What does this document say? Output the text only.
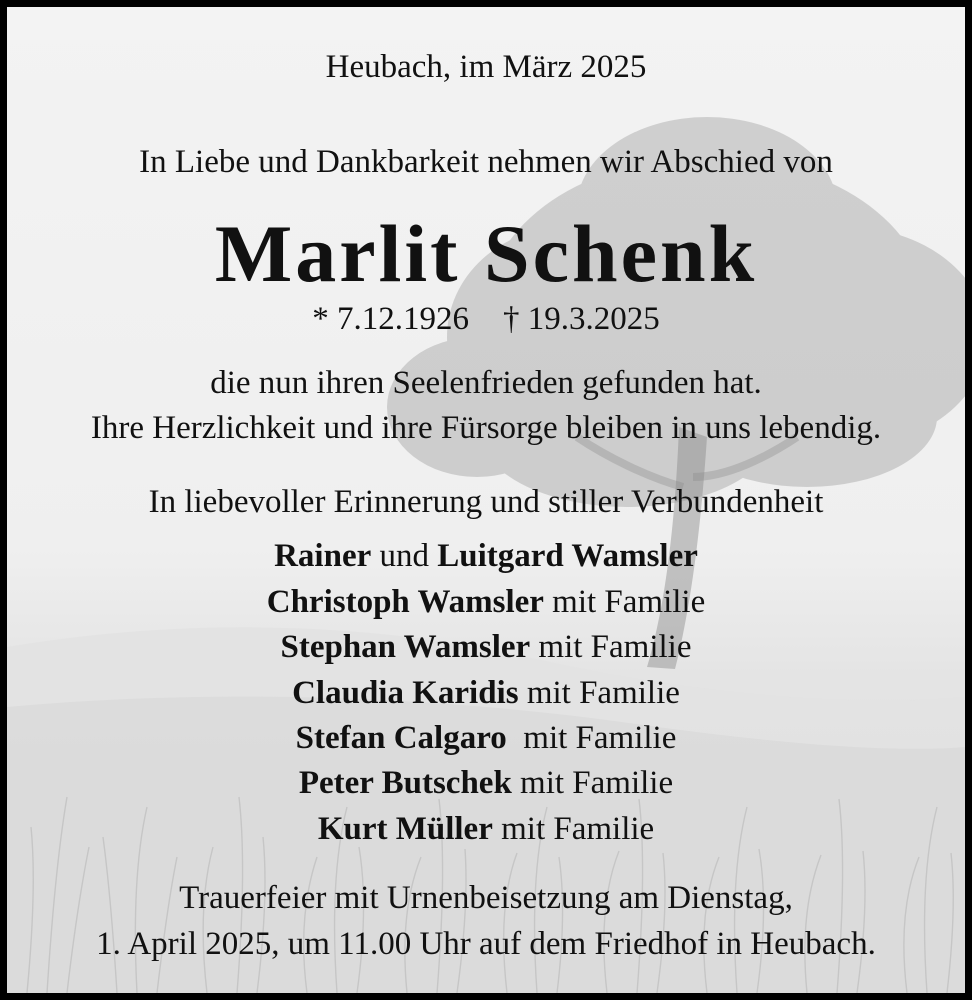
Heubach, im März 2025
In Liebe und Dankbarkeit nehmen wir Abschied von
Marlit Schenk
* 7.12.1926 † 19.3.2025
die nun ihren Seelenfrieden gefunden hat.
Ihre Herzlichkeit und ihre Fürsorge bleiben in uns lebendig.
In liebevoller Erinnerung und stiller Verbundenheit
Rainer und Luitgard Wamsler
Christoph Wamsler mit Familie
Stephan Wamsler mit Familie
Claudia Karidis mit Familie
Stefan Calgaro  mit Familie
Peter Butschek mit Familie
Kurt Müller mit Familie
Trauerfeier mit Urnenbeisetzung am Dienstag,
1. April 2025, um 11.00 Uhr auf dem Friedhof in Heubach.
